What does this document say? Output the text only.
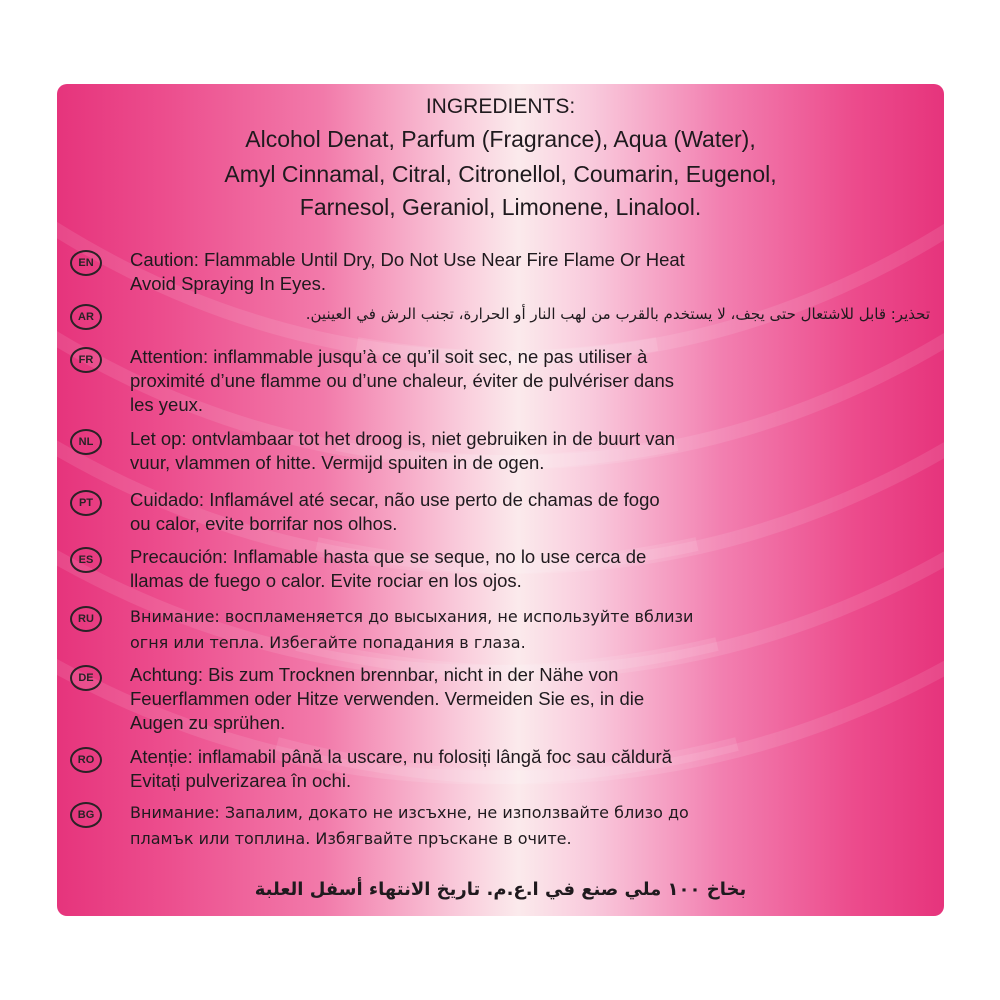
INGREDIENTS:
Alcohol Denat, Parfum (Fragrance), Aqua (Water),
Amyl Cinnamal, Citral, Citronellol, Coumarin, Eugenol,
Farnesol, Geraniol, Limonene, Linalool.
EN	Caution: Flammable Until Dry, Do Not Use Near Fire Flame Or Heat
Avoid Spraying In Eyes.
AR	تحذير: قابل للاشتعال حتى يجف، لا يستخدم بالقرب من لهب النار أو الحرارة، تجنب الرش في العينين.
FR	Attention: inflammable jusqu’à ce qu’il soit sec, ne pas utiliser à
proximité d’une flamme ou d’une chaleur, éviter de pulvériser dans
les yeux.
NL	Let op: ontvlambaar tot het droog is, niet gebruiken in de buurt van
vuur, vlammen of hitte. Vermijd spuiten in de ogen.
PT	Cuidado: Inflamável até secar, não use perto de chamas de fogo
ou calor, evite borrifar nos olhos.
ES	Precaución: Inflamable hasta que se seque, no lo use cerca de
llamas de fuego o calor. Evite rociar en los ojos.
RU	Внимание: воспламеняется до высыхания, не используйте вблизи
огня или тепла. Избегайте попадания в глаза.
DE	Achtung: Bis zum Trocknen brennbar, nicht in der Nähe von
Feuerflammen oder Hitze verwenden. Vermeiden Sie es, in die
Augen zu sprühen.
RO	Atenție: inflamabil până la uscare, nu folosiți lângă foc sau căldură
Evitați pulverizarea în ochi.
BG	Внимание: Запалим, докато не изсъхне, не използвайте близо до
пламък или топлина. Избягвайте пръскане в очите.
بخاخ ١٠٠ ملي صنع في ا.ع.م. تاريخ الانتهاء أسفل العلبة
